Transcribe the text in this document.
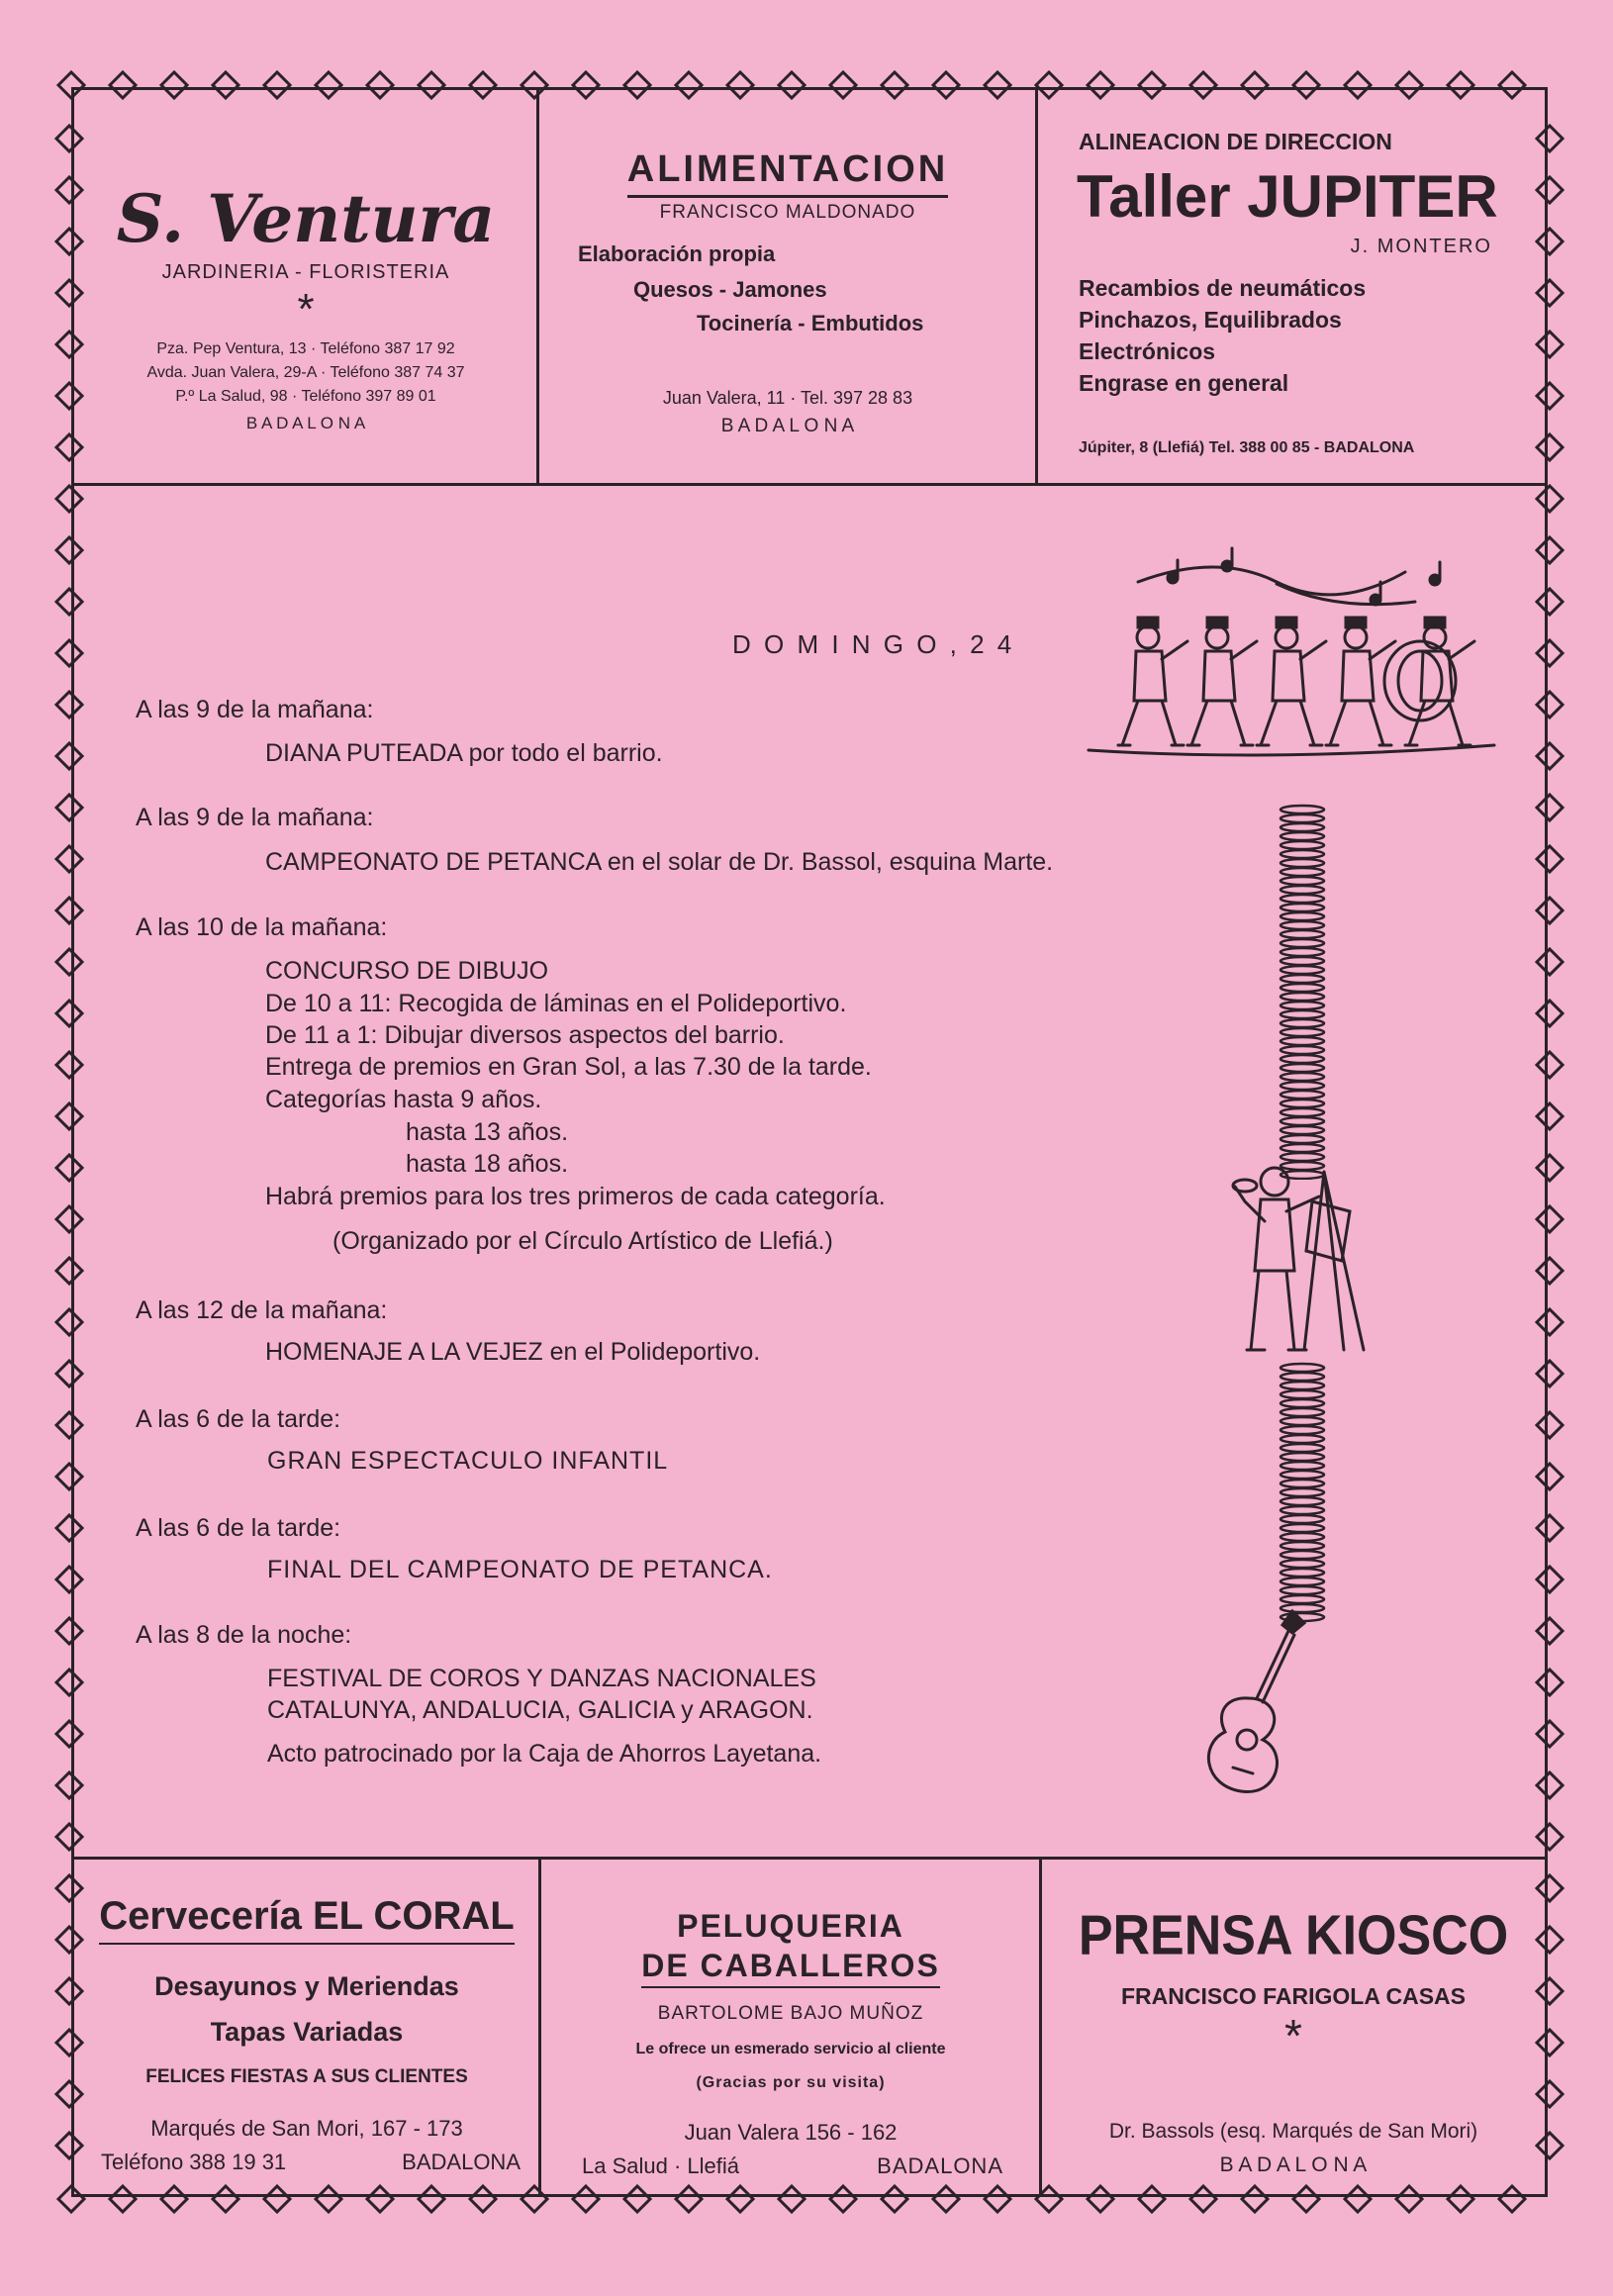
S. Ventura
JARDINERIA - FLORISTERIA
*
Pza. Pep Ventura, 13 · Teléfono 387 17 92
Avda. Juan Valera, 29-A · Teléfono 387 74 37
P.º La Salud, 98 · Teléfono 397 89 01
B A D A L O N A
ALIMENTACION
FRANCISCO MALDONADO
Elaboración propia
Quesos - Jamones
Tocinería - Embutidos
Juan Valera, 11 · Tel. 397 28 83
B A D A L O N A
ALINEACION DE DIRECCION
Taller JUPITER
J. MONTERO
Recambios de neumáticos
Pinchazos, Equilibrados
Electrónicos
Engrase en general
Júpiter, 8 (Llefiá) Tel. 388 00 85 - BADALONA
D O M I N G O , 2 4
A las 9 de la mañana:
DIANA PUTEADA por todo el barrio.
A las 9 de la mañana:
CAMPEONATO DE PETANCA en el solar de Dr. Bassol, esquina Marte.
A las 10 de la mañana:
CONCURSO DE DIBUJO
De 10 a 11: Recogida de láminas en el Polideportivo.
De 11 a 1: Dibujar diversos aspectos del barrio.
Entrega de premios en Gran Sol, a las 7.30 de la tarde.
Categorías hasta 9 años.
hasta 13 años.
hasta 18 años.
Habrá premios para los tres primeros de cada categoría.
(Organizado por el Círculo Artístico de Llefiá.)
A las 12 de la mañana:
HOMENAJE A LA VEJEZ en el Polideportivo.
A las 6 de la tarde:
GRAN ESPECTACULO INFANTIL
A las 6 de la tarde:
FINAL DEL CAMPEONATO DE PETANCA.
A las 8 de la noche:
FESTIVAL DE COROS Y DANZAS NACIONALES
CATALUNYA, ANDALUCIA, GALICIA y ARAGON.
Acto patrocinado por la Caja de Ahorros Layetana.
Cervecería EL CORAL
Desayunos y Meriendas
Tapas Variadas
FELICES FIESTAS A SUS CLIENTES
Marqués de San Mori, 167 - 173
Teléfono 388 19 31	BADALONA
PELUQUERIA
DE CABALLEROS
BARTOLOME BAJO MUÑOZ
Le ofrece un esmerado servicio al cliente
(Gracias por su visita)
Juan Valera 156 - 162
La Salud · Llefiá	BADALONA
PRENSA KIOSCO
FRANCISCO FARIGOLA CASAS
*
Dr. Bassols (esq. Marqués de San Mori)
B A D A L O N A
